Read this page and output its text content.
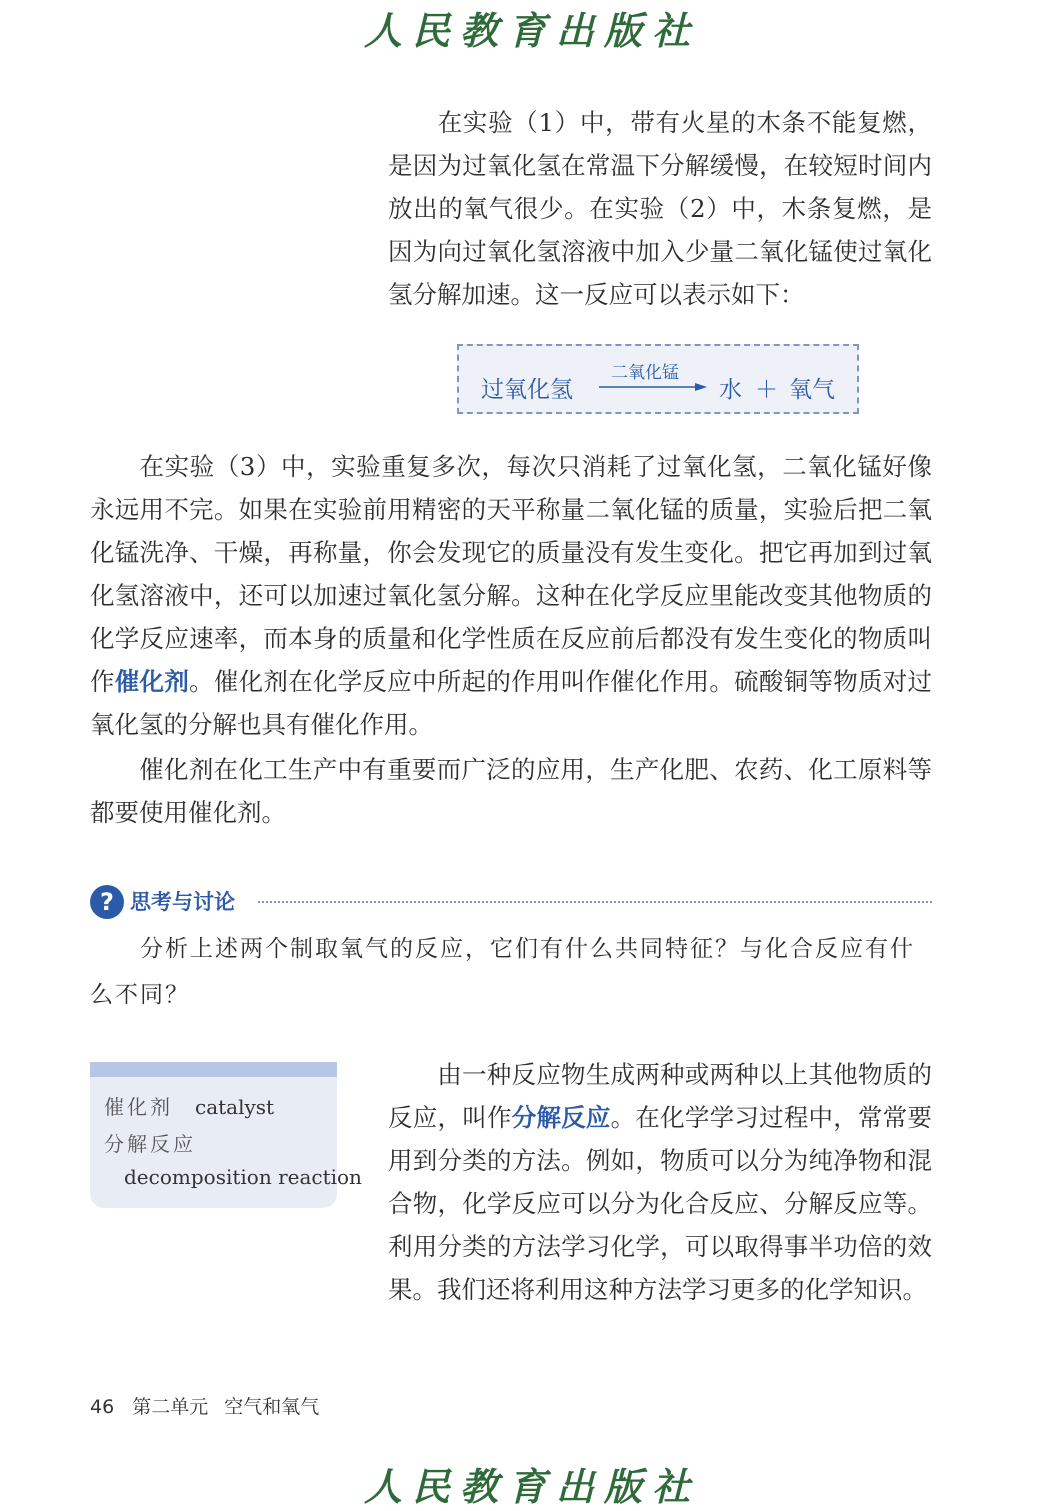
人民教育出版社

在实验（1）中，带有火星的木条不能复燃，是因为过氧化氢在常温下分解缓慢，在较短时间内放出的氧气很少。在实验（2）中，木条复燃，是因为向过氧化氢溶液中加入少量二氧化锰使过氧化氢分解加速。这一反应可以表示如下：

过氧化氢
二氧化锰
水 ＋ 氧气

在实验（3）中，实验重复多次，每次只消耗了过氧化氢，二氧化锰好像永远用不完。如果在实验前用精密的天平称量二氧化锰的质量，实验后把二氧化锰洗净、干燥，再称量，你会发现它的质量没有发生变化。把它再加到过氧化氢溶液中，还可以加速过氧化氢分解。这种在化学反应里能改变其他物质的化学反应速率，而本身的质量和化学性质在反应前后都没有发生变化的物质叫作催化剂。催化剂在化学反应中所起的作用叫作催化作用。硫酸铜等物质对过氧化氢的分解也具有催化作用。

催化剂在化工生产中有重要而广泛的应用，生产化肥、农药、化工原料等都要使用催化剂。

? 思考与讨论

分析上述两个制取氧气的反应，它们有什么共同特征？与化合反应有什么不同？

催化剂 catalyst
分解反应
decomposition reaction

由一种反应物生成两种或两种以上其他物质的反应，叫作分解反应。在化学学习过程中，常常要用到分类的方法。例如，物质可以分为纯净物和混合物，化学反应可以分为化合反应、分解反应等。利用分类的方法学习化学，可以取得事半功倍的效果。我们还将利用这种方法学习更多的化学知识。

46 第二单元 空气和氧气
人民教育出版社
